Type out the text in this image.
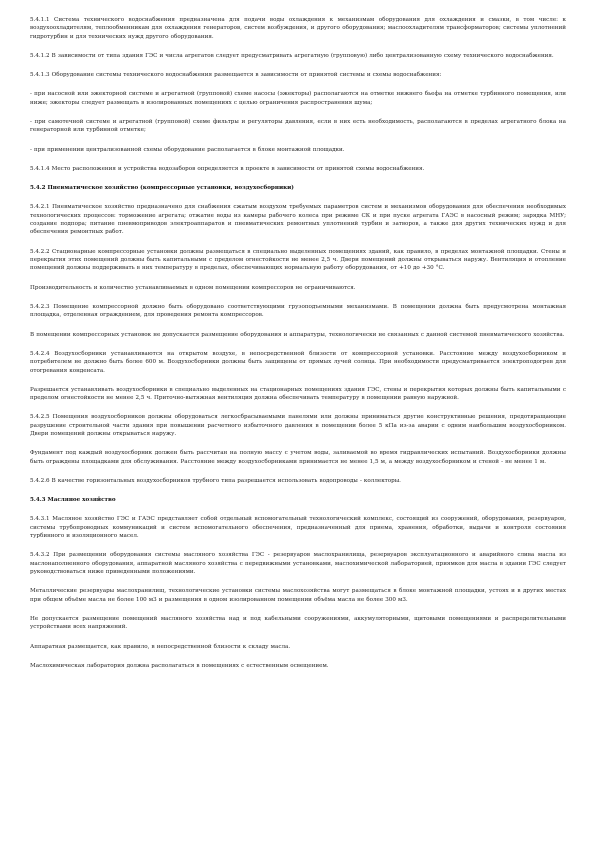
5.4.1.1 Система технического водоснабжения предназначена для подачи воды охлаждения к механизмам оборудования для охлаждения и смазки, в том числе: к воздухоохладителям, теплообменникам для охлаждения генераторов, систем возбуждения, и другого оборудования; маслоохладителям трансформаторов; системы уплотнений гидротурбин и для технических нужд другого оборудования.

5.4.1.2 В зависимости от типа здания ГЭС и числа агрегатов следует предусматривать агрегатную (групповую) либо централизованную схему технического водоснабжения.

5.4.1.3 Оборудование системы технического водоснабжения размещается в зависимости от принятой системы и схемы водоснабжения:

- при насосной или эжекторной системе и агрегатной (групповой) схеме насосы (эжекторы) располагаются на отметке нижнего бьефа на отметке турбинного помещения, или ниже; эжекторы следует размещать в изолированных помещениях с целью ограничения распространения шума;

- при самотечной системе и агрегатной (групповой) схеме фильтры и регуляторы давления, если в них есть необходимость, располагаются в пределах агрегатного блока на генераторной или турбинной отметке;

- при применении централизованной схемы оборудование располагается в блоке монтажной площадки.

5.4.1.4 Место расположения и устройства водозаборов определяется в проекте в зависимости от принятой схемы водоснабжения.

5.4.2 Пневматическое хозяйство (компрессорные установки, воздухосборники)

5.4.2.1 Пневматическое хозяйство предназначено для снабжения сжатым воздухом требуемых параметров систем и механизмов оборудования для обеспечения необходимых технологических процессов: торможение агрегата; отжатие воды из камеры рабочего колеса при режиме СК и при пуске агрегата ГАЭС в насосный режим; зарядка МНУ; создание подпора; питание пневмоприводов электроаппаратов и пневматических ремонтных уплотнений турбин и затворов, а также для других технических нужд и для обеспечения ремонтных работ.

5.4.2.2 Стационарные компрессорные установки должны размещаться в специально выделенных помещениях зданий, как правило, в пределах монтажной площадки. Стены и перекрытия этих помещений должны быть капитальными с пределом огнестойкости не менее 2,5 ч. Двери помещений должны открываться наружу. Вентиляция и отопление помещений должны поддерживать в них температуру в пределах, обеспечивающих нормальную работу оборудования, от +10 до +30 °С.

Производительность и количество устанавливаемых в одном помещении компрессоров не ограничиваются.

5.4.2.3 Помещение компрессорной должно быть оборудовано соответствующими грузоподъемными механизмами. В помещении должна быть предусмотрена монтажная площадка, отделенная ограждением, для проведения ремонта компрессоров.

В помещении компрессорных установок не допускается размещение оборудования и аппаратуры, технологически не связанных с данной системой пневматического хозяйства.

5.4.2.4 Воздухосборники устанавливаются на открытом воздухе, в непосредственной близости от компрессорной установки. Расстояние между воздухосборником и потребителем не должно быть более 600 м. Воздухосборники должны быть защищены от прямых лучей солнца. При необходимости предусматривается электроподогрев для отогревания конденсата.

Разрешается устанавливать воздухосборники в специально выделенных на стационарных помещениях здания ГЭС, стены и перекрытия которых должны быть капитальными с пределом огнестойкости не менее 2,5 ч. Приточно-вытяжная вентиляция должна обеспечивать температуру в помещении равную наружной.

5.4.2.5 Помещения воздухосборников должны оборудоваться легкосбрасываемыми панелями или должны приниматься другие конструктивные решения, предотвращающие разрушение строительной части здания при повышении расчетного избыточного давления в помещении более 5 кПа из-за аварии с одним наибольшим воздухосборником. Двери помещений должны открываться наружу.

Фундамент под каждый воздухосборник должен быть рассчитан на полную массу с учетом воды, заливаемой во время гидравлических испытаний. Воздухосборники должны быть ограждены площадками для обслуживания. Расстояние между воздухосборниками принимается не менее 1,5 м, а между воздухосборником и стеной - не менее 1 м.

5.4.2.6 В качестве горизонтальных воздухосборников трубного типа разрешается использовать водопроводы - коллекторы.

5.4.3 Масляное хозяйство

5.4.3.1 Масляное хозяйство ГЭС и ГАЭС представляет собой отдельный вспомогательный технологический комплекс, состоящий из сооружений, оборудования, резервуаров, системы трубопроводных коммуникаций и систем вспомогательного обеспечения, предназначенный для приема, хранения, обработки, выдачи и контроля состояния турбинного и изоляционного масел.

5.4.3.2 При размещении оборудования системы масляного хозяйства ГЭС - резервуаров маслохранилища, резервуаров эксплуатационного и аварийного слива масла из маслонаполненного оборудования, аппаратной масляного хозяйства с передвижными установками, маслохимической лабораторией, приямков для масла в здании ГЭС следует руководствоваться ниже приведенными положениями.

Металлические резервуары маслохранилищ, технологические установки системы маслохозяйства могут размещаться в блоке монтажной площадки, устоях и в других местах при общем объёме масла не более 100 м3 и размещения в одном изолированном помещении объёма масла не более 300 м3.

Не допускается размещение помещений масляного хозяйства над и под кабельными сооружениями, аккумуляторными, щитовыми помещениями и распределительными устройствами всех напряжений.

Аппаратная размещается, как правило, в непосредственной близости к складу масла.

Маслохимическая лаборатория должна располагаться в помещениях с естественным освещением.
